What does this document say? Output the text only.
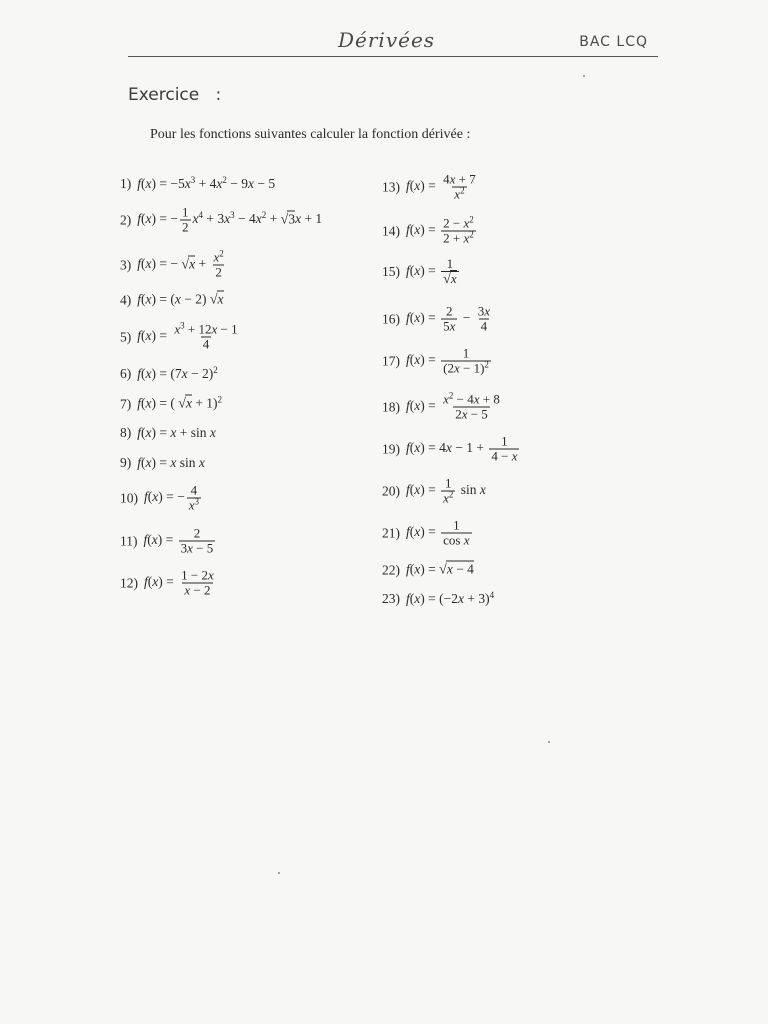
Dérivées	BAC LCQ
Exercice   :
Pour les fonctions suivantes calculer la fonction dérivée :
1) $f(x) = -5x^3 + 4x^2 - 9x - 5$
2) f(x) = − $\frac{1}{2} x^4 + 3x^3 - 4x^2 + √3x + 1$
3) f(x) = − $√x + \frac{x^2}{2}$
4) f(x) = (x − 2) √x
5) $f(x) = \frac{x^3 + 12x - 1}{4}$
6) $f(x) = (7x - 2)^2$
7) f(x) = ( √x + 1)$^2$
8) f(x) = x + sin x
9) f(x) = x sin x
10) f(x) = − $\frac{4}{x^3}$
11) $f(x) = \frac{2}{3x - 5}$
12) $f(x) = \frac{1 - 2x}{x - 2}$
13) $f(x) = \frac{4x + 7}{x^2}$
14) $f(x) = \frac{2 - x^2}{2 + x^2}$
15) $f(x) = \frac{1}{√x}$
16) $f(x) = \frac{2}{5x} - \frac{3x}{4}$
17) $f(x) = \frac{1}{(2x - 1)^2}$
18) $f(x) = \frac{x^2 - 4x + 8}{2x - 5}$
19) $f(x) = 4x - 1 + \frac{1}{4 - x}$
20) $f(x) = \frac{1}{x^2}$ sin x
21) $f(x) = \frac{1}{\text{cos x}}$
22) f(x) = √x − 4
23) $f(x) = (-2x + 3)^4$
